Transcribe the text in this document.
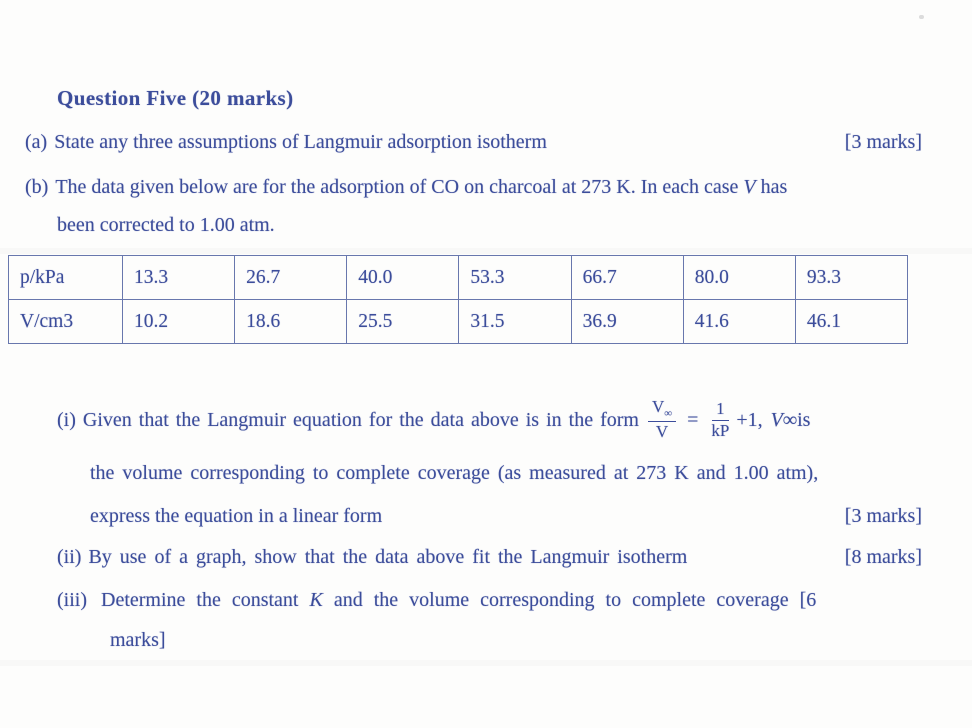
Question Five (20 marks)
(a) State any three assumptions of Langmuir adsorption isotherm	[3 marks]
(b) The data given below are for the adsorption of CO on charcoal at 273 K. In each case V has
been corrected to 1.00 atm.
p/kPa	13.3	26.7	40.0	53.3	66.7	80.0	93.3
V/cm3	10.2	18.6	25.5	31.5	36.9	41.6	46.1
(i) Given that the Langmuir equation for the data above is in the form $\frac{V_\infty}{V} = \frac{1}{kP} +1$, V∞ is
the volume corresponding to complete coverage (as measured at 273 K and 1.00 atm),
express the equation in a linear form	[3 marks]
(ii) By use of a graph, show that the data above fit the Langmuir isotherm	[8 marks]
(iii) Determine the constant K and the volume corresponding to complete coverage [6
marks]
